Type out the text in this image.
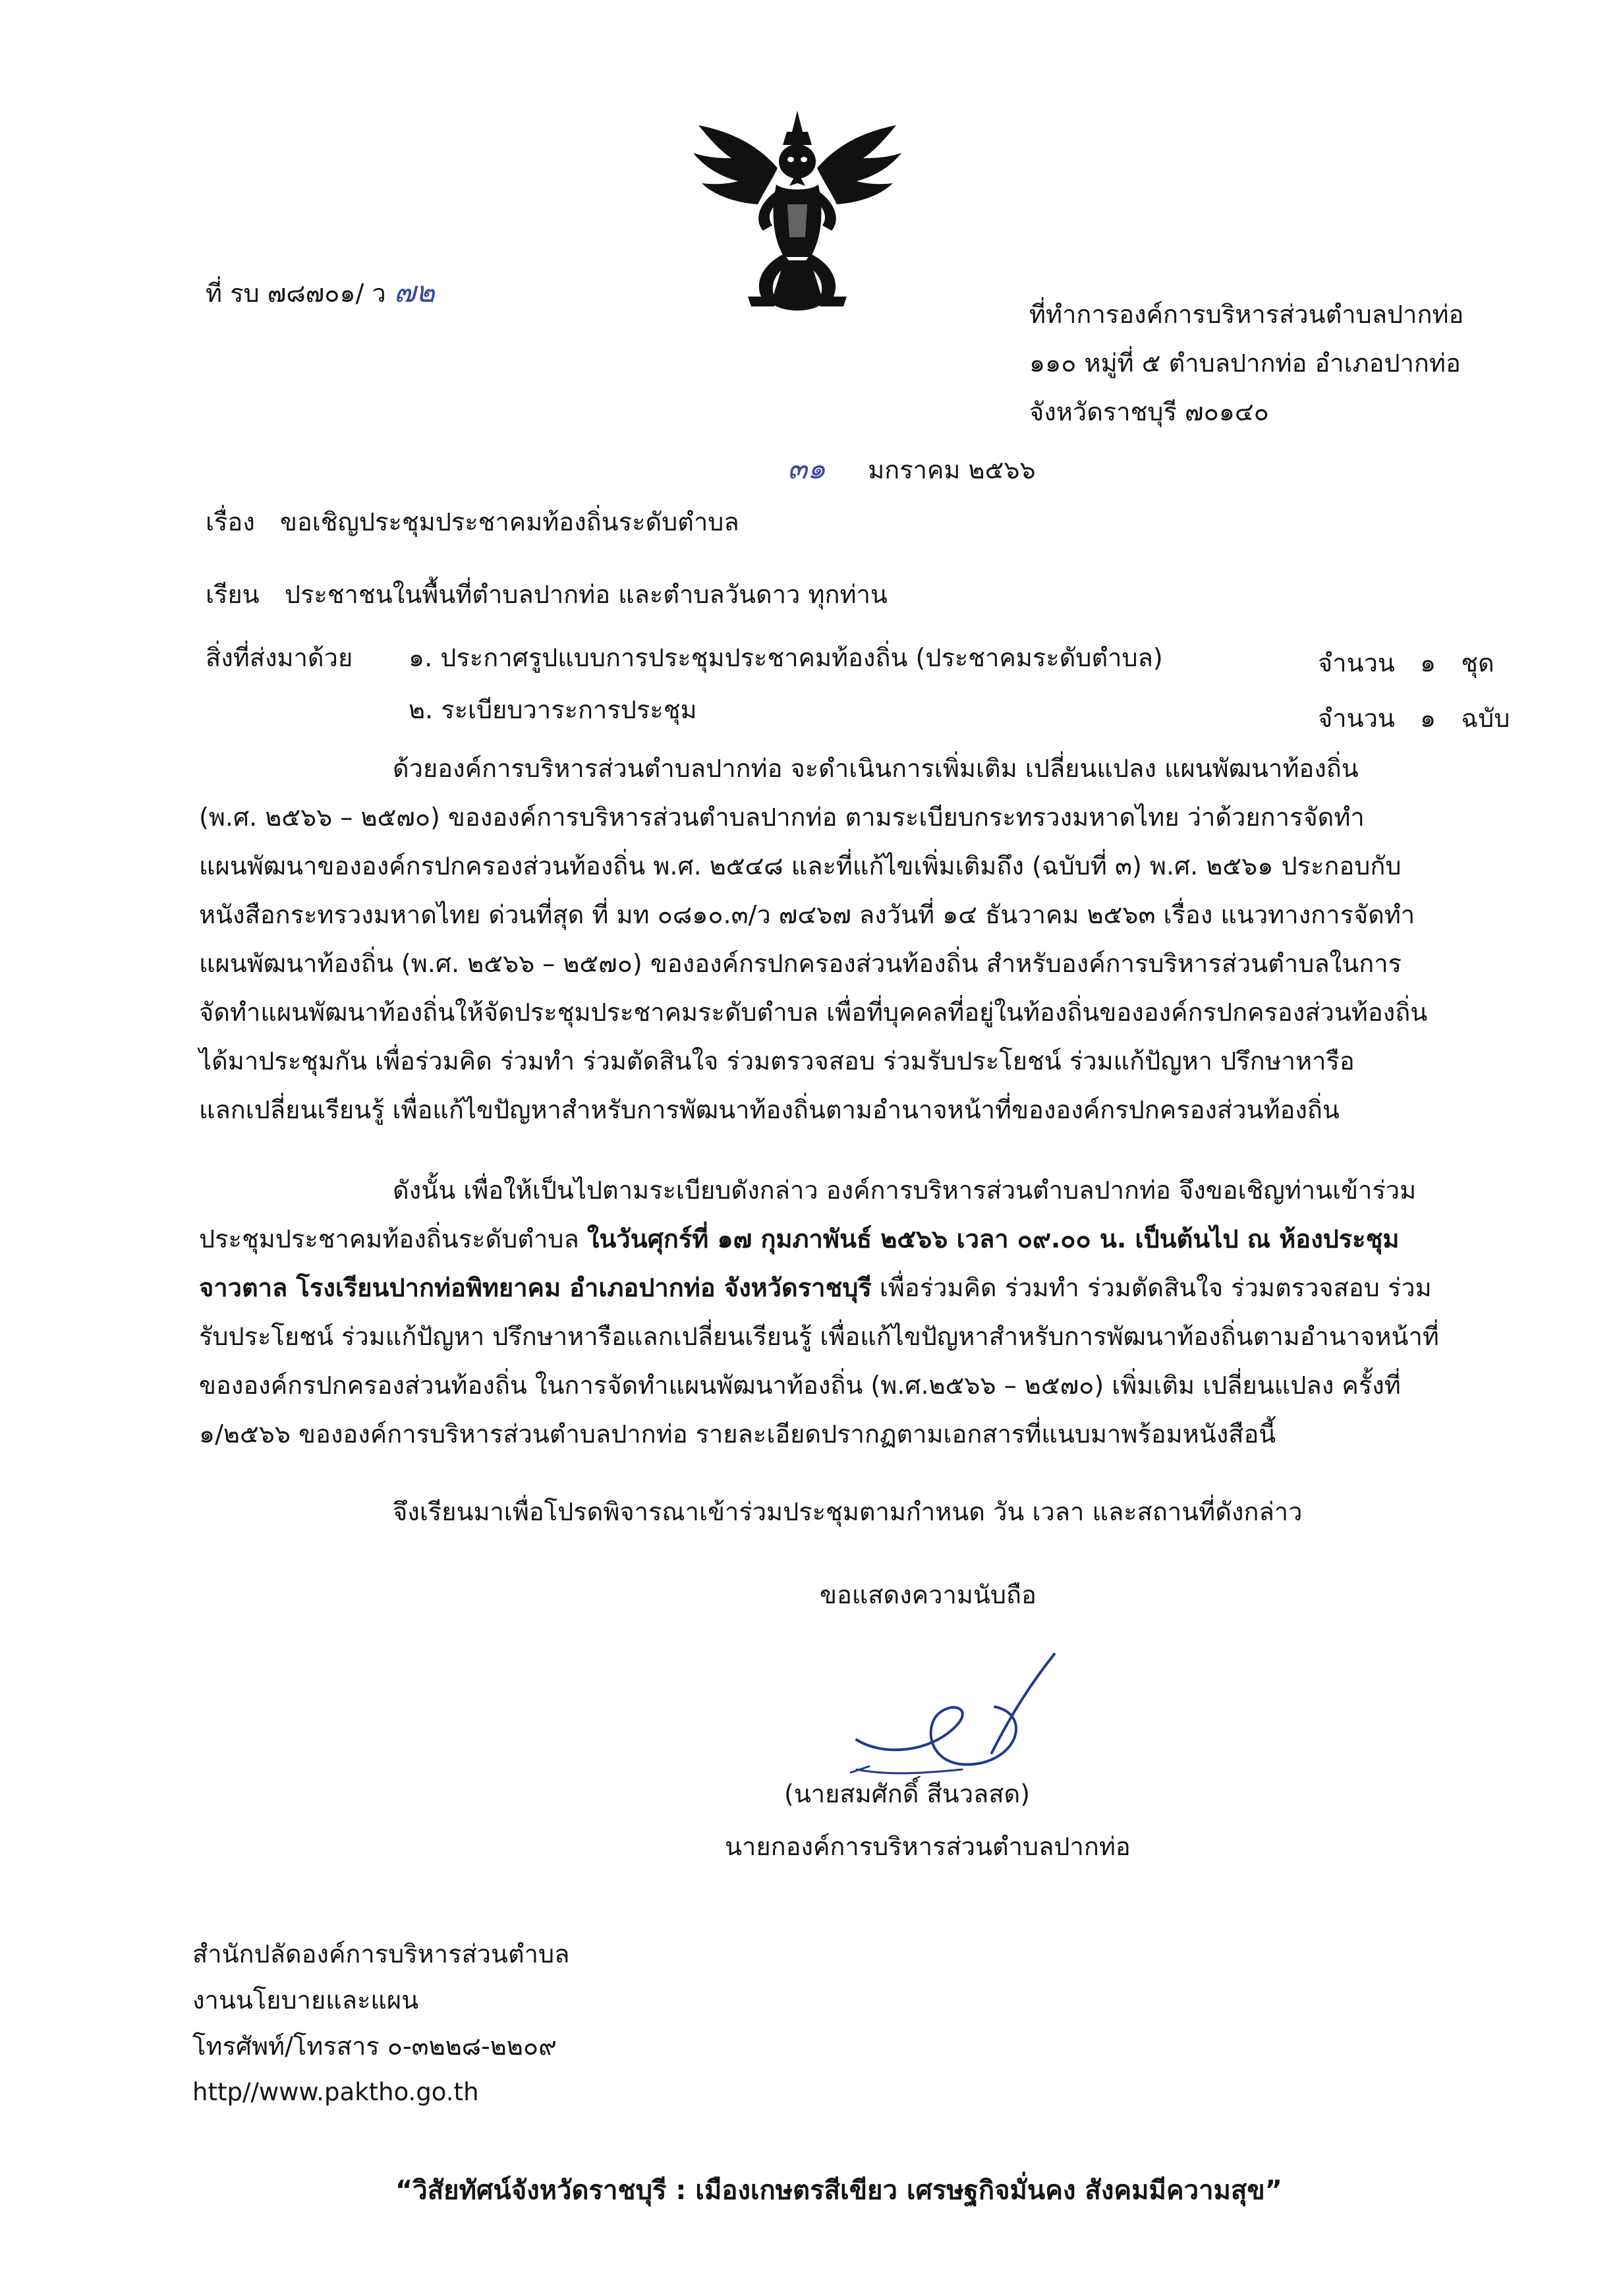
ที่ รบ ๗๘๗๐๑/ ว ๗๒
ที่ทำการองค์การบริหารส่วนตำบลปากท่อ
๑๑๐ หมู่ที่ ๕ ตำบลปากท่อ อำเภอปากท่อ
จังหวัดราชบุรี ๗๐๑๔๐
๓๑ มกราคม ๒๕๖๖
เรื่อง ขอเชิญประชุมประชาคมท้องถิ่นระดับตำบล
เรียน ประชาชนในพื้นที่ตำบลปากท่อ และตำบลวันดาว ทุกท่าน
สิ่งที่ส่งมาด้วย ๑. ประกาศรูปแบบการประชุมประชาคมท้องถิ่น (ประชาคมระดับตำบล)	จำนวน ๑ ชุด
๒. ระเบียบวาระการประชุม	จำนวน ๑ ฉบับ
ด้วยองค์การบริหารส่วนตำบลปากท่อ จะดำเนินการเพิ่มเติม เปลี่ยนแปลง แผนพัฒนาท้องถิ่น
(พ.ศ. ๒๕๖๖ – ๒๕๗๐) ขององค์การบริหารส่วนตำบลปากท่อ ตามระเบียบกระทรวงมหาดไทย ว่าด้วยการจัดทำ
แผนพัฒนาขององค์กรปกครองส่วนท้องถิ่น พ.ศ. ๒๕๔๘ และที่แก้ไขเพิ่มเติมถึง (ฉบับที่ ๓) พ.ศ. ๒๕๖๑ ประกอบกับ
หนังสือกระทรวงมหาดไทย ด่วนที่สุด ที่ มท ๐๘๑๐.๓/ว ๗๔๖๗ ลงวันที่ ๑๔ ธันวาคม ๒๕๖๓ เรื่อง แนวทางการจัดทำ
แผนพัฒนาท้องถิ่น (พ.ศ. ๒๕๖๖ – ๒๕๗๐) ขององค์กรปกครองส่วนท้องถิ่น สำหรับองค์การบริหารส่วนตำบลในการ
จัดทำแผนพัฒนาท้องถิ่นให้จัดประชุมประชาคมระดับตำบล เพื่อที่บุคคลที่อยู่ในท้องถิ่นขององค์กรปกครองส่วนท้องถิ่น
ได้มาประชุมกัน เพื่อร่วมคิด ร่วมทำ ร่วมตัดสินใจ ร่วมตรวจสอบ ร่วมรับประโยชน์ ร่วมแก้ปัญหา ปรึกษาหารือ
แลกเปลี่ยนเรียนรู้ เพื่อแก้ไขปัญหาสำหรับการพัฒนาท้องถิ่นตามอำนาจหน้าที่ขององค์กรปกครองส่วนท้องถิ่น
ดังนั้น เพื่อให้เป็นไปตามระเบียบดังกล่าว องค์การบริหารส่วนตำบลปากท่อ จึงขอเชิญท่านเข้าร่วม
ประชุมประชาคมท้องถิ่นระดับตำบล ในวันศุกร์ที่ ๑๗ กุมภาพันธ์ ๒๕๖๖ เวลา ๐๙.๐๐ น. เป็นต้นไป ณ ห้องประชุม
จาวตาล โรงเรียนปากท่อพิทยาคม อำเภอปากท่อ จังหวัดราชบุรี เพื่อร่วมคิด ร่วมทำ ร่วมตัดสินใจ ร่วมตรวจสอบ ร่วม
รับประโยชน์ ร่วมแก้ปัญหา ปรึกษาหารือแลกเปลี่ยนเรียนรู้ เพื่อแก้ไขปัญหาสำหรับการพัฒนาท้องถิ่นตามอำนาจหน้าที่
ขององค์กรปกครองส่วนท้องถิ่น ในการจัดทำแผนพัฒนาท้องถิ่น (พ.ศ.๒๕๖๖ – ๒๕๗๐) เพิ่มเติม เปลี่ยนแปลง ครั้งที่
๑/๒๕๖๖ ขององค์การบริหารส่วนตำบลปากท่อ รายละเอียดปรากฏตามเอกสารที่แนบมาพร้อมหนังสือนี้
จึงเรียนมาเพื่อโปรดพิจารณาเข้าร่วมประชุมตามกำหนด วัน เวลา และสถานที่ดังกล่าว
ขอแสดงความนับถือ
(นายสมศักดิ์ สีนวลสด)
นายกองค์การบริหารส่วนตำบลปากท่อ
สำนักปลัดองค์การบริหารส่วนตำบล
งานนโยบายและแผน
โทรศัพท์/โทรสาร ๐-๓๒๒๘-๒๒๐๙
http//www.paktho.go.th
“วิสัยทัศน์จังหวัดราชบุรี : เมืองเกษตรสีเขียว เศรษฐกิจมั่นคง สังคมมีความสุข”
